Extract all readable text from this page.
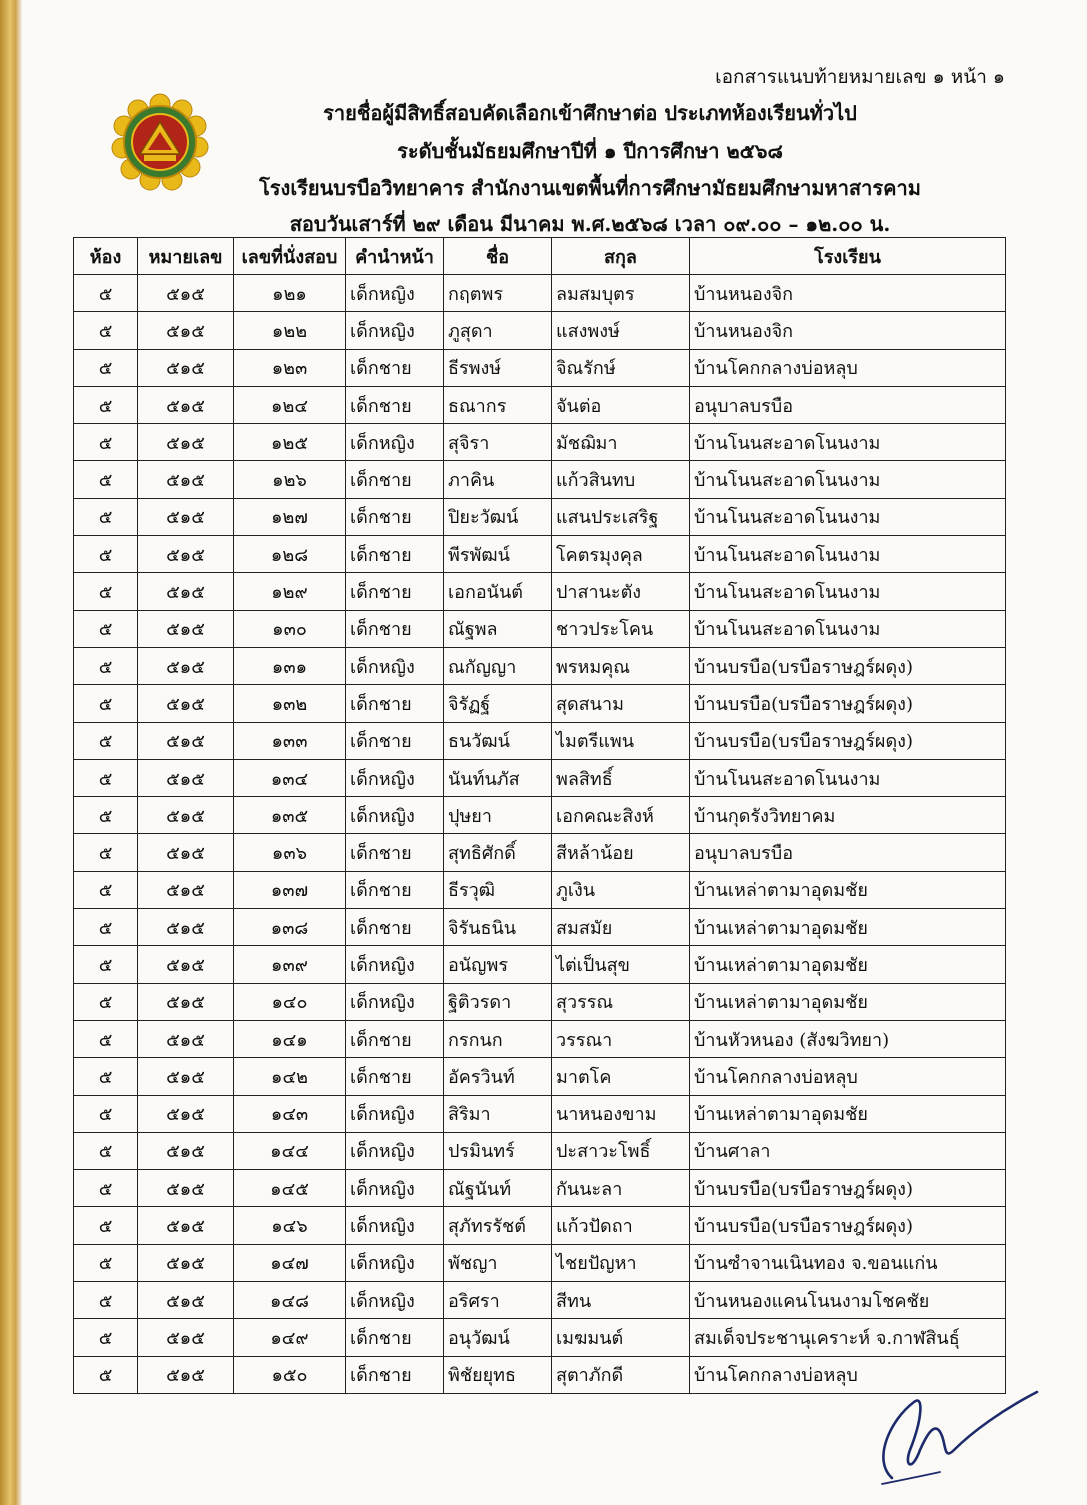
เอกสารแนบท้ายหมายเลข ๑ หน้า ๑
รายชื่อผู้มีสิทธิ์สอบคัดเลือกเข้าศึกษาต่อ ประเภทห้องเรียนทั่วไป
ระดับชั้นมัธยมศึกษาปีที่ ๑ ปีการศึกษา ๒๕๖๘
โรงเรียนบรบือวิทยาคาร สำนักงานเขตพื้นที่การศึกษามัธยมศึกษามหาสารคาม
สอบวันเสาร์ที่ ๒๙ เดือน มีนาคม พ.ศ.๒๕๖๘ เวลา ๐๙.๐๐ – ๑๒.๐๐ น.
ห้อง	หมายเลข	เลขที่นั่งสอบ	คำนำหน้า	ชื่อ	สกุล	โรงเรียน
๕	๕๑๕	๑๒๑	เด็กหญิง	กฤตพร	ลมสมบุตร	บ้านหนองจิก
๕	๕๑๕	๑๒๒	เด็กหญิง	ภูสุดา	แสงพงษ์	บ้านหนองจิก
๕	๕๑๕	๑๒๓	เด็กชาย	ธีรพงษ์	จิณรักษ์	บ้านโคกกลางบ่อหลุบ
๕	๕๑๕	๑๒๔	เด็กชาย	ธณากร	จันต่อ	อนุบาลบรบือ
๕	๕๑๕	๑๒๕	เด็กหญิง	สุจิรา	มัชฌิมา	บ้านโนนสะอาดโนนงาม
๕	๕๑๕	๑๒๖	เด็กชาย	ภาคิน	แก้วสินทบ	บ้านโนนสะอาดโนนงาม
๕	๕๑๕	๑๒๗	เด็กชาย	ปิยะวัฒน์	แสนประเสริฐ	บ้านโนนสะอาดโนนงาม
๕	๕๑๕	๑๒๘	เด็กชาย	พีรพัฒน์	โคตรมุงคุล	บ้านโนนสะอาดโนนงาม
๕	๕๑๕	๑๒๙	เด็กชาย	เอกอนันต์	ปาสานะตัง	บ้านโนนสะอาดโนนงาม
๕	๕๑๕	๑๓๐	เด็กชาย	ณัฐพล	ชาวประโคน	บ้านโนนสะอาดโนนงาม
๕	๕๑๕	๑๓๑	เด็กหญิง	ณกัญญา	พรหมคุณ	บ้านบรบือ(บรบือราษฎร์ผดุง)
๕	๕๑๕	๑๓๒	เด็กชาย	จิรัฏฐ์	สุดสนาม	บ้านบรบือ(บรบือราษฎร์ผดุง)
๕	๕๑๕	๑๓๓	เด็กชาย	ธนวัฒน์	ไมตรีแพน	บ้านบรบือ(บรบือราษฎร์ผดุง)
๕	๕๑๕	๑๓๔	เด็กหญิง	นันท์นภัส	พลสิทธิ์	บ้านโนนสะอาดโนนงาม
๕	๕๑๕	๑๓๕	เด็กหญิง	ปุษยา	เอกคณะสิงห์	บ้านกุดรังวิทยาคม
๕	๕๑๕	๑๓๖	เด็กชาย	สุทธิศักดิ์	สีหล้าน้อย	อนุบาลบรบือ
๕	๕๑๕	๑๓๗	เด็กชาย	ธีรวุฒิ	ภูเงิน	บ้านเหล่าตามาอุดมชัย
๕	๕๑๕	๑๓๘	เด็กชาย	จิรันธนิน	สมสมัย	บ้านเหล่าตามาอุดมชัย
๕	๕๑๕	๑๓๙	เด็กหญิง	อนัญพร	ไต่เป็นสุข	บ้านเหล่าตามาอุดมชัย
๕	๕๑๕	๑๔๐	เด็กหญิง	ฐิติวรดา	สุวรรณ	บ้านเหล่าตามาอุดมชัย
๕	๕๑๕	๑๔๑	เด็กชาย	กรกนก	วรรณา	บ้านหัวหนอง (สังฆวิทยา)
๕	๕๑๕	๑๔๒	เด็กชาย	อัครวินท์	มาตโค	บ้านโคกกลางบ่อหลุบ
๕	๕๑๕	๑๔๓	เด็กหญิง	สิริมา	นาหนองขาม	บ้านเหล่าตามาอุดมชัย
๕	๕๑๕	๑๔๔	เด็กหญิง	ปรมินทร์	ปะสาวะโพธิ์	บ้านศาลา
๕	๕๑๕	๑๔๕	เด็กหญิง	ณัฐนันท์	กันนะลา	บ้านบรบือ(บรบือราษฎร์ผดุง)
๕	๕๑๕	๑๔๖	เด็กหญิง	สุภัทรรัชต์	แก้วปัดถา	บ้านบรบือ(บรบือราษฎร์ผดุง)
๕	๕๑๕	๑๔๗	เด็กหญิง	พัชญา	ไชยปัญหา	บ้านซำจานเนินทอง จ.ขอนแก่น
๕	๕๑๕	๑๔๘	เด็กหญิง	อริศรา	สีทน	บ้านหนองแคนโนนงามโชคชัย
๕	๕๑๕	๑๔๙	เด็กชาย	อนุวัฒน์	เมฆมนต์	สมเด็จประชานุเคราะห์ จ.กาฬสินธุ์
๕	๕๑๕	๑๕๐	เด็กชาย	พิชัยยุทธ	สุตาภักดี	บ้านโคกกลางบ่อหลุบ
